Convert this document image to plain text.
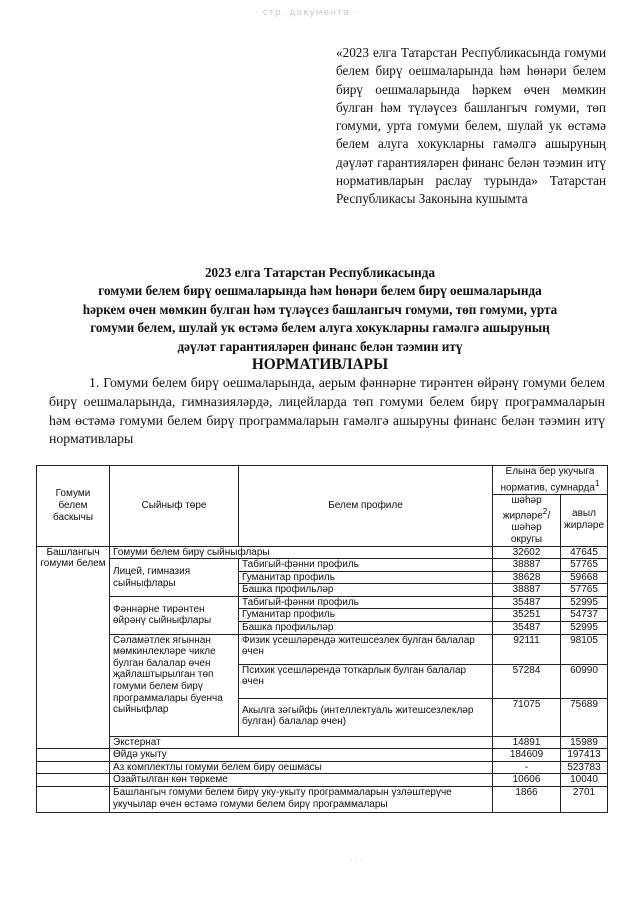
· стр. документа ·
«2023 елга Татарстан Республикасында гомуми белем бирү оешмаларында һәм һөнәри белем бирү оешмаларында һәркем өчен мөмкин булган һәм түләүсез башлангыч гомуми, төп гомуми, урта гомуми белем, шулай ук өстәмә белем алуга хокукларны гамәлгә ашыруның дәүләт гарантияләрен финанс белән тәэмин итү нормативларын раслау турында» Татарстан Республикасы Законына кушымта
2023 елга Татарстан Республикасында
гомуми белем бирү оешмаларында һәм һөнәри белем бирү оешмаларында
һәркем өчен мөмкин булган һәм түләүсез башлангыч гомуми, төп гомуми, урта
гомуми белем, шулай ук өстәмә белем алуга хокукларны гамәлгә ашыруның
дәүләт гарантияләрен финанс белән тәэмин итү
НОРМАТИВЛАРЫ
1. Гомуми белем бирү оешмаларында, аерым фәннәрне тирәнтен өйрәнү гомуми белем бирү оешмаларында, гимназияләрдә, лицейларда төп гомуми белем бирү программаларын һәм өстәмә гомуми белем бирү программаларын гамәлгә ашыруны финанс белән тәэмин итү нормативлары
Гомуми белем баскычы	Сыйныф төре	Белем профиле	Елына бер укучыга норматив, сумнарда$^1$
			шәһәр жирләре$^2$/ шәһәр округы	авыл жирләре
Башлангыч гомуми белем	Гомуми белем бирү сыйныфлары		32602	47645
	Лицей, гимназия сыйныфлары	Табигый-фәнни профиль	38887	57765
		Гуманитар профиль	38628	59668
		Башка профильләр	38887	57765
	Фәннәрне тирәнтен өйрәнү сыйныфлары	Табигый-фәнни профиль	35487	52995
		Гуманитар профиль	35251	54737
		Башка профильләр	35487	52995
	Сәламәтлек ягыннан мөмкинлекләре чикле булган балалар өчен җайлаштырылган төп гомуми белем бирү программалары буенча сыйныфлар	Физик үсешләрендә житешсезлек булган балалар өчен	92111	98105
		Психик үсешләрендә тоткарлык булган балалар өчен	57284	60990
		Акылга зәгыйфь (интеллектуаль житешсезлекләр булган) балалар өчен)	71075	75689
	Экстернат		14891	15989
	Өйдә укыту		184609	197413
	Аз комплектлы гомуми белем бирү оешмасы		-	523783
	Озайтылган көн төркеме		10606	10040
	Башлангыч гомуми белем бирү уку-укыту программаларын үзләштерүче укучылар өчен өстәмә гомуми белем бирү программалары		1866	2701
· · ·
